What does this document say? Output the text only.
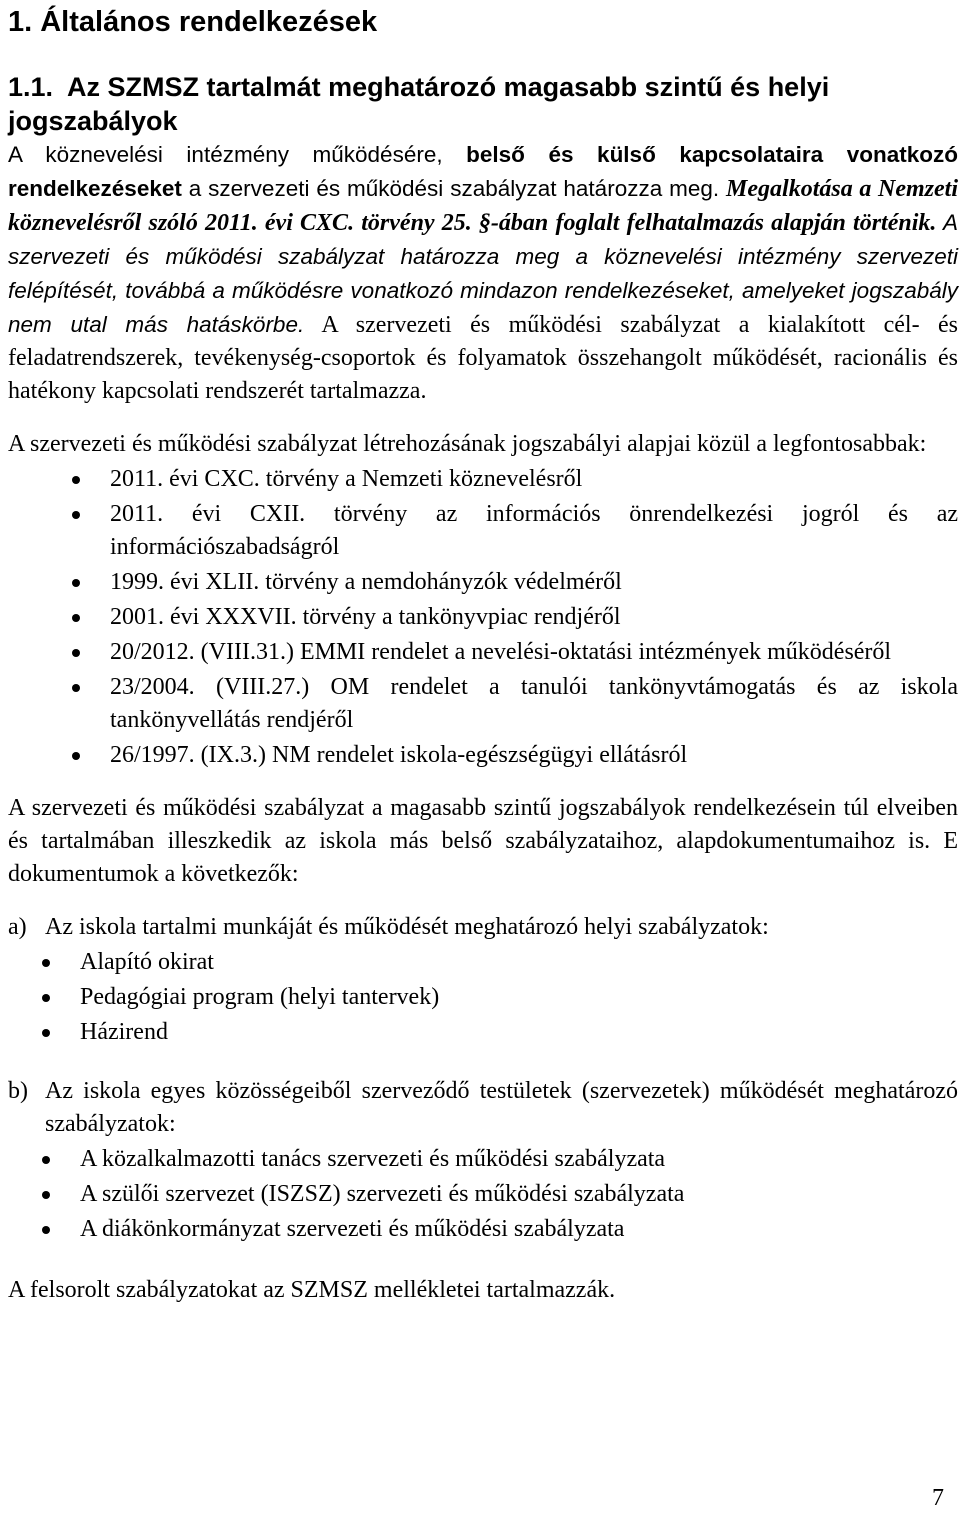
1. Általános rendelkezések
1.1. Az SZMSZ tartalmát meghatározó magasabb szintű és helyi jogszabályok
A köznevelési intézmény működésére, belső és külső kapcsolataira vonatkozó rendelkezéseket a szervezeti és működési szabályzat határozza meg. Megalkotása a Nemzeti köznevelésről szóló 2011. évi CXC. törvény 25. §-ában foglalt felhatalmazás alapján történik. A szervezeti és működési szabályzat határozza meg a köznevelési intézmény szervezeti felépítését, továbbá a működésre vonatkozó mindazon rendelkezéseket, amelyeket jogszabály nem utal más hatáskörbe. A szervezeti és működési szabályzat a kialakított cél- és feladatrendszerek, tevékenység-csoportok és folyamatok összehangolt működését, racionális és hatékony kapcsolati rendszerét tartalmazza.

A szervezeti és működési szabályzat létrehozásának jogszabályi alapjai közül a legfontosabbak:

2011. évi CXC. törvény a Nemzeti köznevelésről
2011. évi CXII. törvény az információs önrendelkezési jogról és az információszabadságról
1999. évi XLII. törvény a nemdohányzók védelméről
2001. évi XXXVII. törvény a tankönyvpiac rendjéről
20/2012. (VIII.31.) EMMI rendelet a nevelési-oktatási intézmények működéséről
23/2004. (VIII.27.) OM rendelet a tanulói tankönyvtámogatás és az iskola tankönyvellátás rendjéről
26/1997. (IX.3.) NM rendelet iskola-egészségügyi ellátásról

A szervezeti és működési szabályzat a magasabb szintű jogszabályok rendelkezésein túl elveiben és tartalmában illeszkedik az iskola más belső szabályzataihoz, alapdokumentumaihoz is. E dokumentumok a következők:

a) Az iskola tartalmi munkáját és működését meghatározó helyi szabályzatok:
Alapító okirat
Pedagógiai program (helyi tantervek)
Házirend
b) Az iskola egyes közösségeiből szerveződő testületek (szervezetek) működését meghatározó szabályzatok:
A közalkalmazotti tanács szervezeti és működési szabályzata
A szülői szervezet (ISZSZ) szervezeti és működési szabályzata
A diákönkormányzat szervezeti és működési szabályzata

A felsorolt szabályzatokat az SZMSZ mellékletei tartalmazzák.

7
